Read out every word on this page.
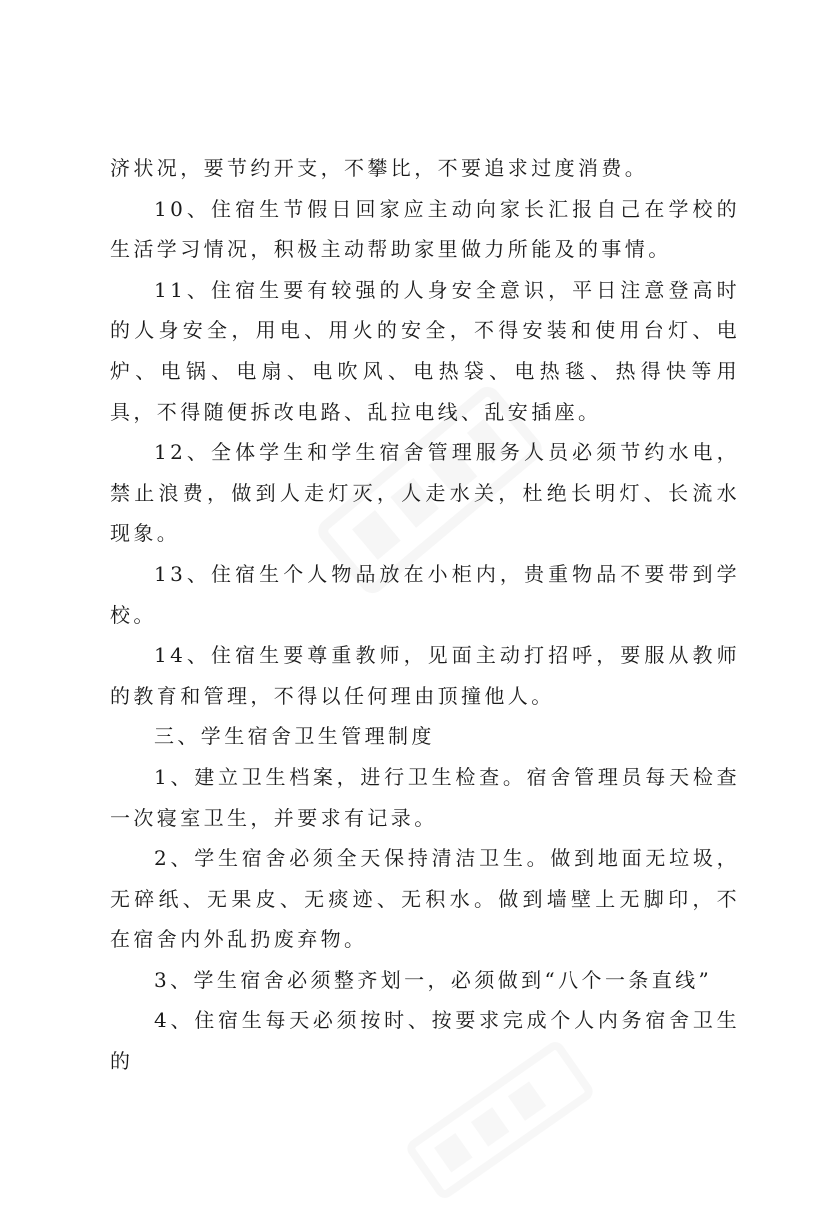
济状况，要节约开支，不攀比，不要追求过度消费。

10、住宿生节假日回家应主动向家长汇报自己在学校的生活学习情况，积极主动帮助家里做力所能及的事情。

11、住宿生要有较强的人身安全意识，平日注意登高时的人身安全，用电、用火的安全，不得安装和使用台灯、电炉、电锅、电扇、电吹风、电热袋、电热毯、热得快等用具，不得随便拆改电路、乱拉电线、乱安插座。

12、全体学生和学生宿舍管理服务人员必须节约水电，禁止浪费，做到人走灯灭，人走水关，杜绝长明灯、长流水现象。

13、住宿生个人物品放在小柜内，贵重物品不要带到学校。

14、住宿生要尊重教师，见面主动打招呼，要服从教师的教育和管理，不得以任何理由顶撞他人。

三、学生宿舍卫生管理制度

1、建立卫生档案，进行卫生检查。宿舍管理员每天检查一次寝室卫生，并要求有记录。

2、学生宿舍必须全天保持清洁卫生。做到地面无垃圾，无碎纸、无果皮、无痰迹、无积水。做到墙壁上无脚印，不在宿舍内外乱扔废弃物。

3、学生宿舍必须整齐划一，必须做到“八个一条直线”

4、住宿生每天必须按时、按要求完成个人内务宿舍卫生的
